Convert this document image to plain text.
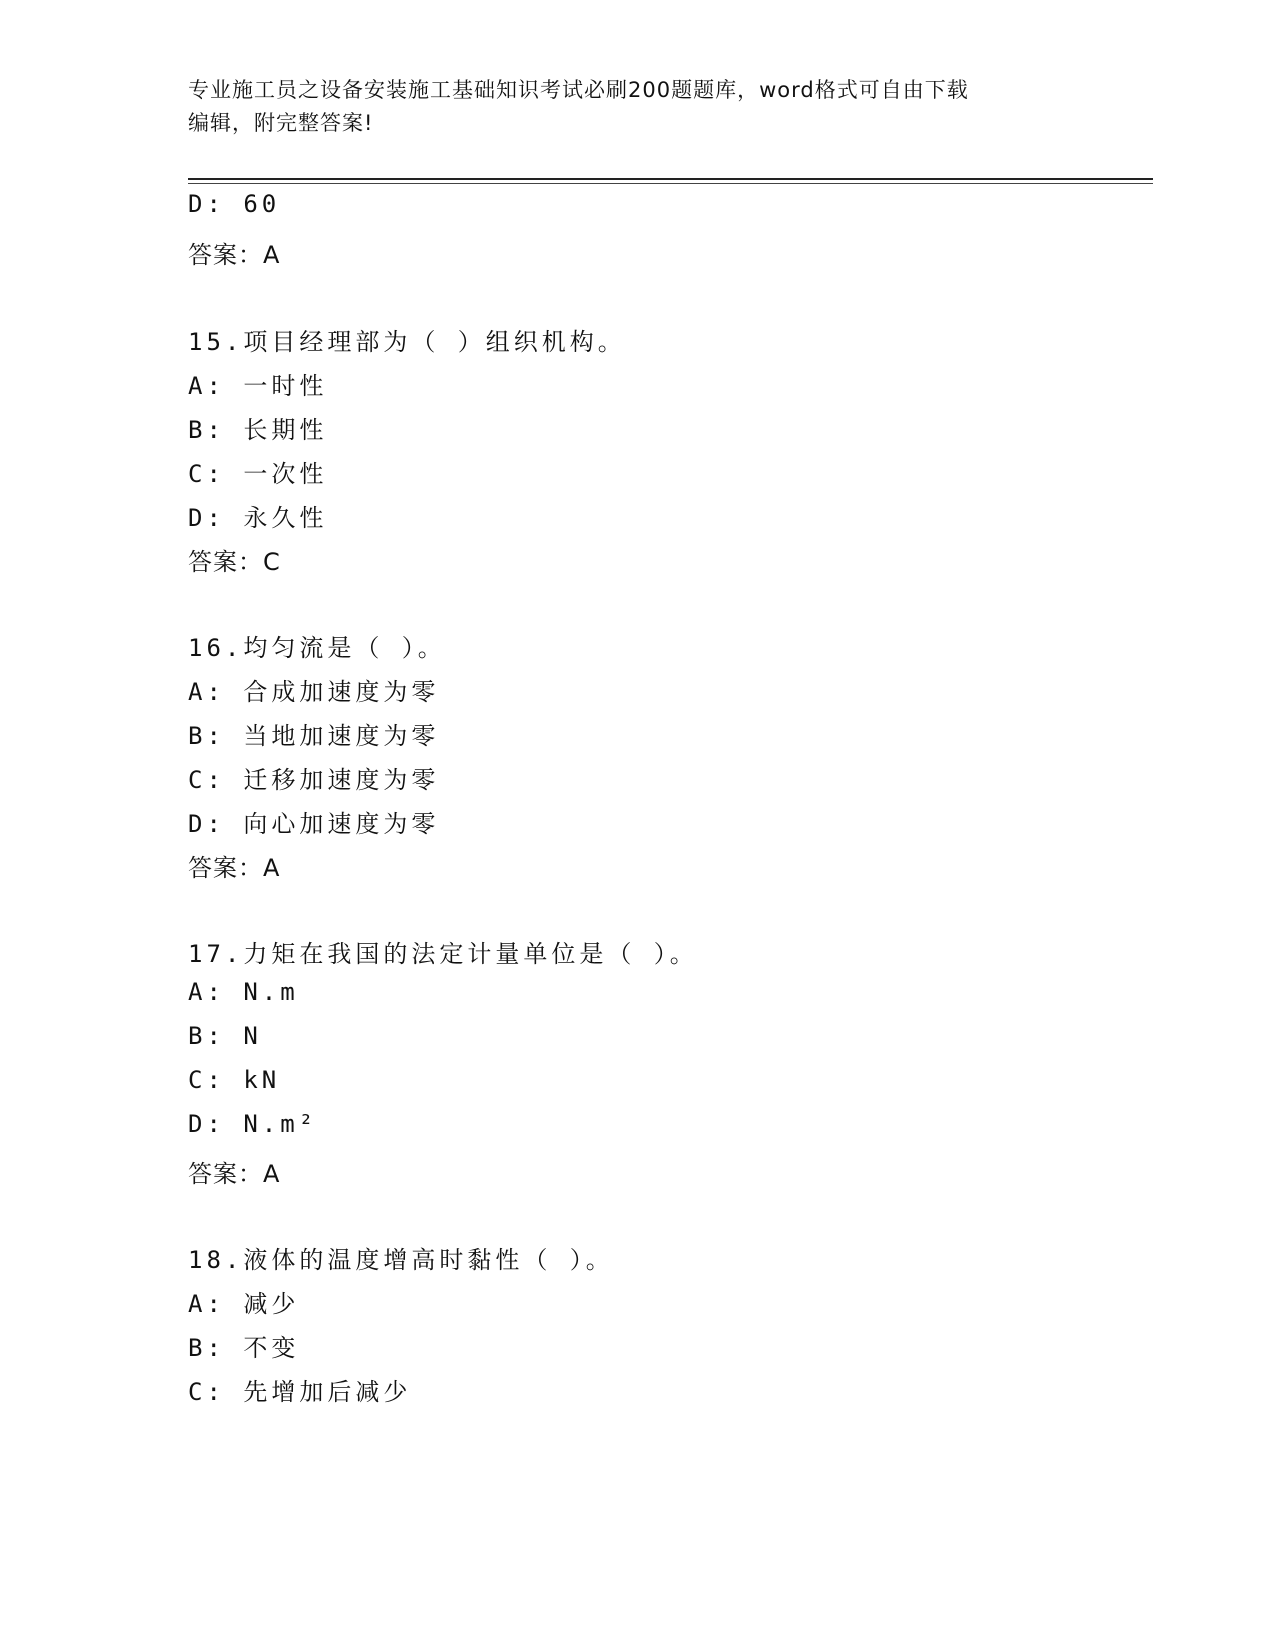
专业施工员之设备安装施工基础知识考试必刷200题题库，word格式可自由下载
编辑，附完整答案!
D: 60
答案：A
15.项目经理部为（ ）组织机构。
A: 一时性
B: 长期性
C: 一次性
D: 永久性
答案：C
16.均匀流是（ ）。
A: 合成加速度为零
B: 当地加速度为零
C: 迁移加速度为零
D: 向心加速度为零
答案：A
17.力矩在我国的法定计量单位是（ ）。
A: N.m
B: N
C: kN
D: N.m²
答案：A
18.液体的温度增高时黏性（ ）。
A: 减少
B: 不变
C: 先增加后减少
